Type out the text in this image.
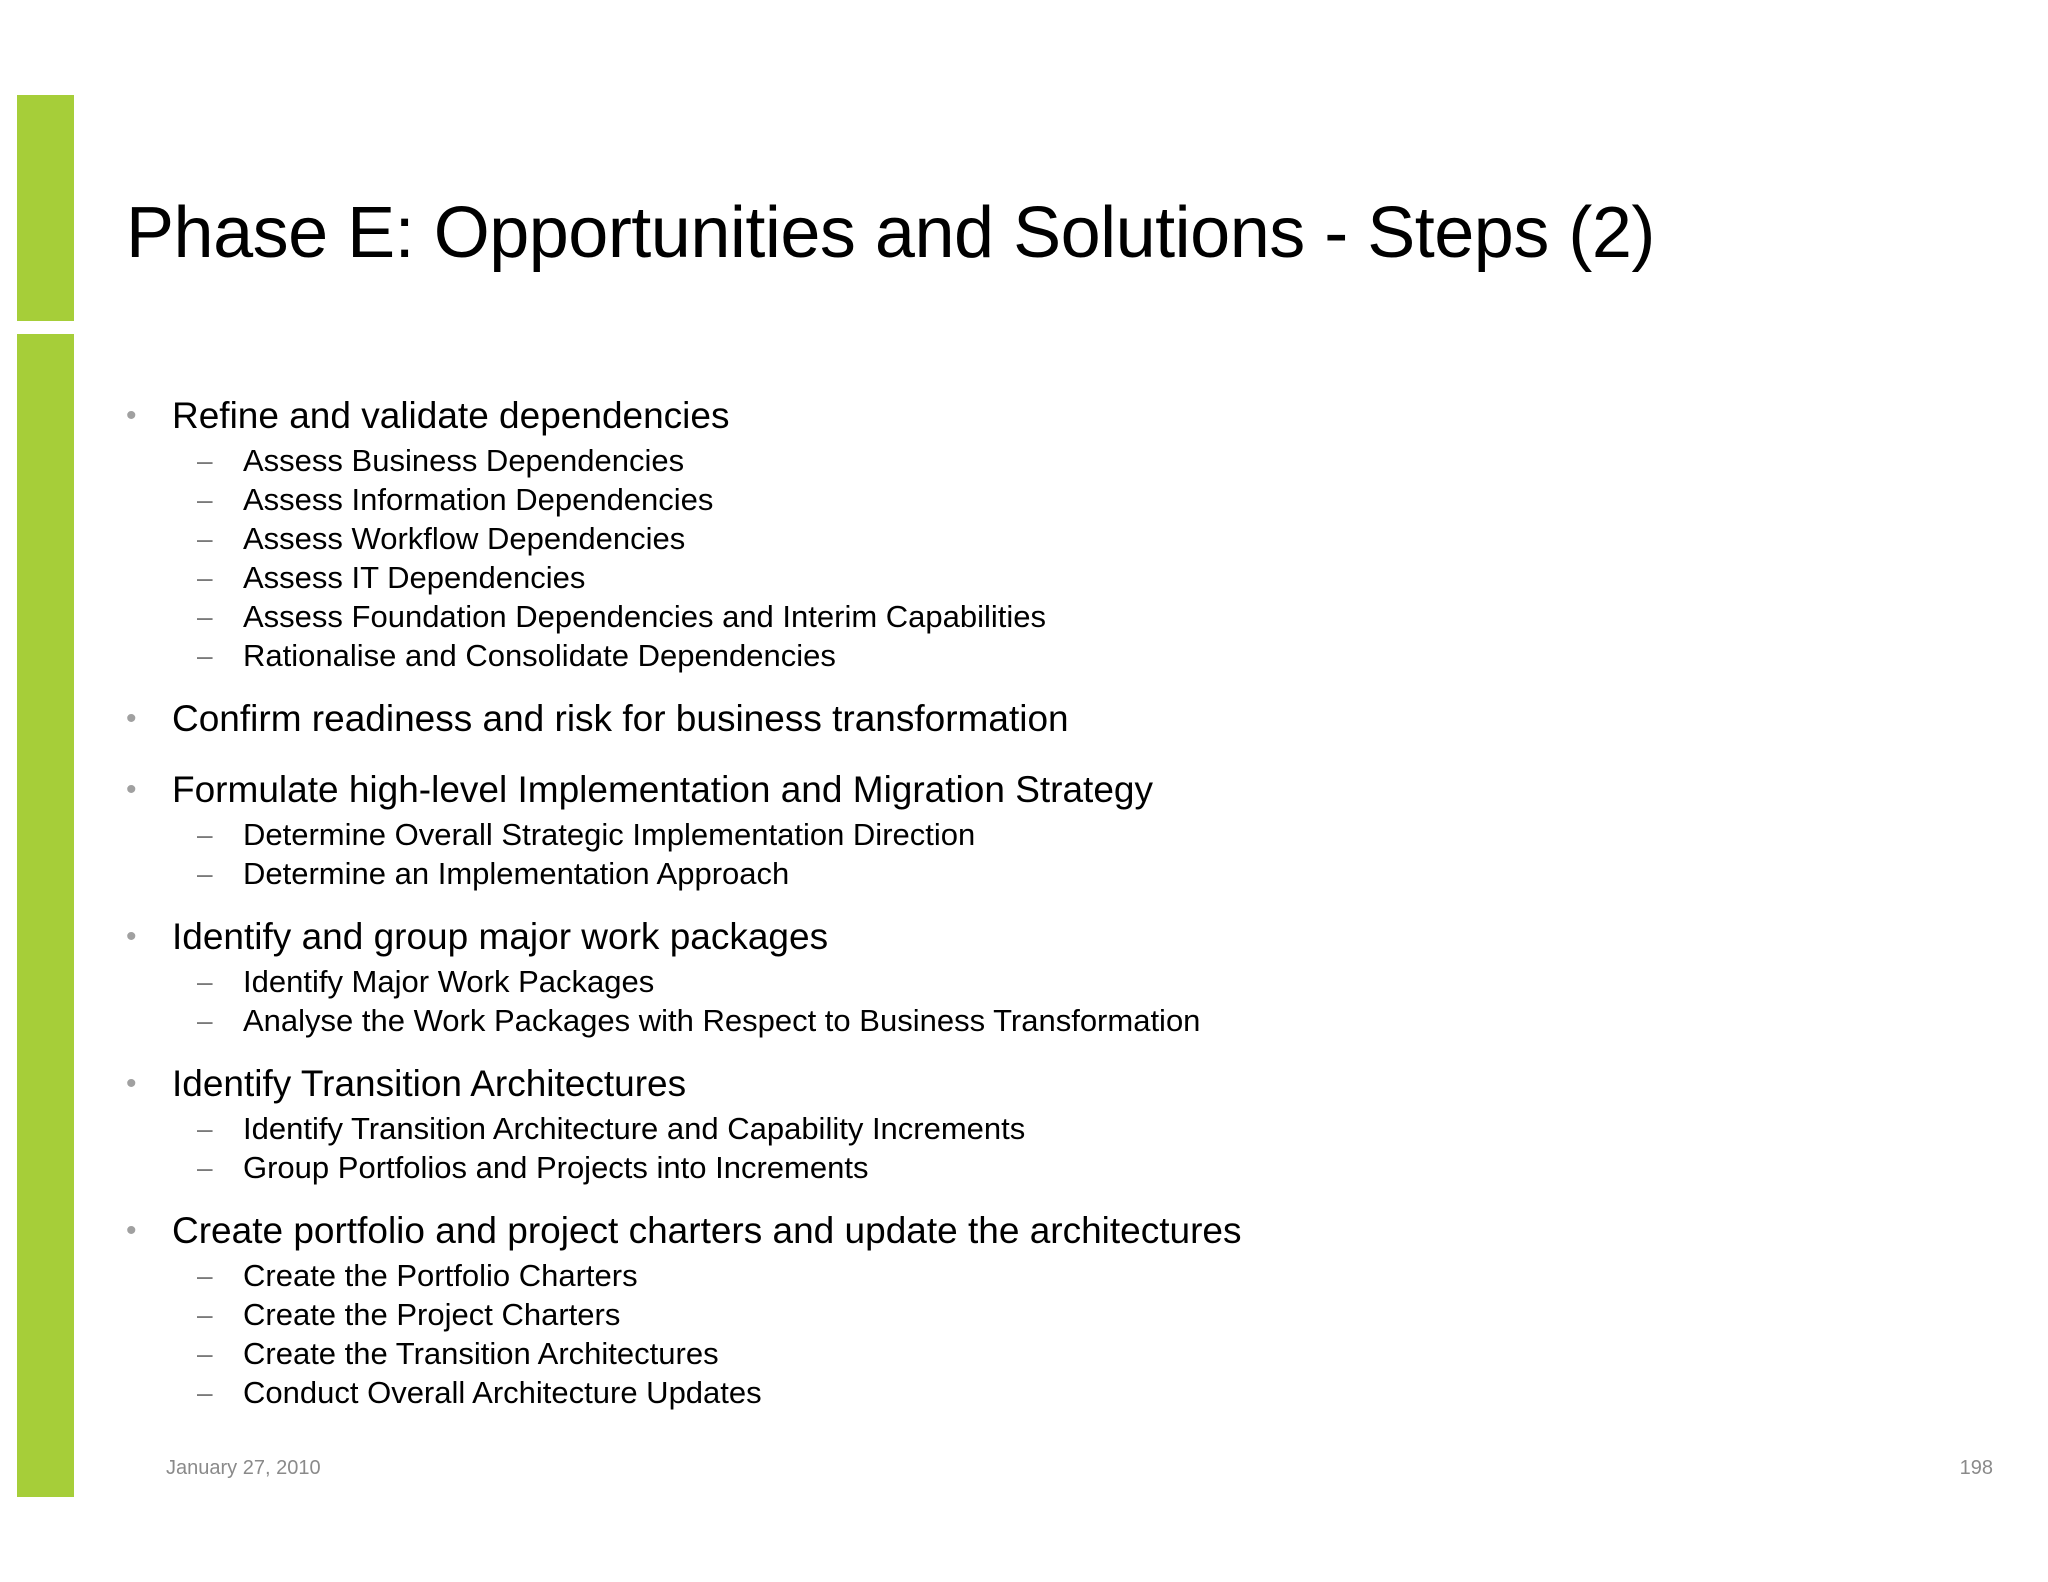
Phase E: Opportunities and Solutions - Steps (2)
• Refine and validate dependencies
– Assess Business Dependencies
– Assess Information Dependencies
– Assess Workflow Dependencies
– Assess IT Dependencies
– Assess Foundation Dependencies and Interim Capabilities
– Rationalise and Consolidate Dependencies
• Confirm readiness and risk for business transformation
• Formulate high-level Implementation and Migration Strategy
– Determine Overall Strategic Implementation Direction
– Determine an Implementation Approach
• Identify and group major work packages
– Identify Major Work Packages
– Analyse the Work Packages with Respect to Business Transformation
• Identify Transition Architectures
– Identify Transition Architecture and Capability Increments
– Group Portfolios and Projects into Increments
• Create portfolio and project charters and update the architectures
– Create the Portfolio Charters
– Create the Project Charters
– Create the Transition Architectures
– Conduct Overall Architecture Updates
January 27, 2010	198
